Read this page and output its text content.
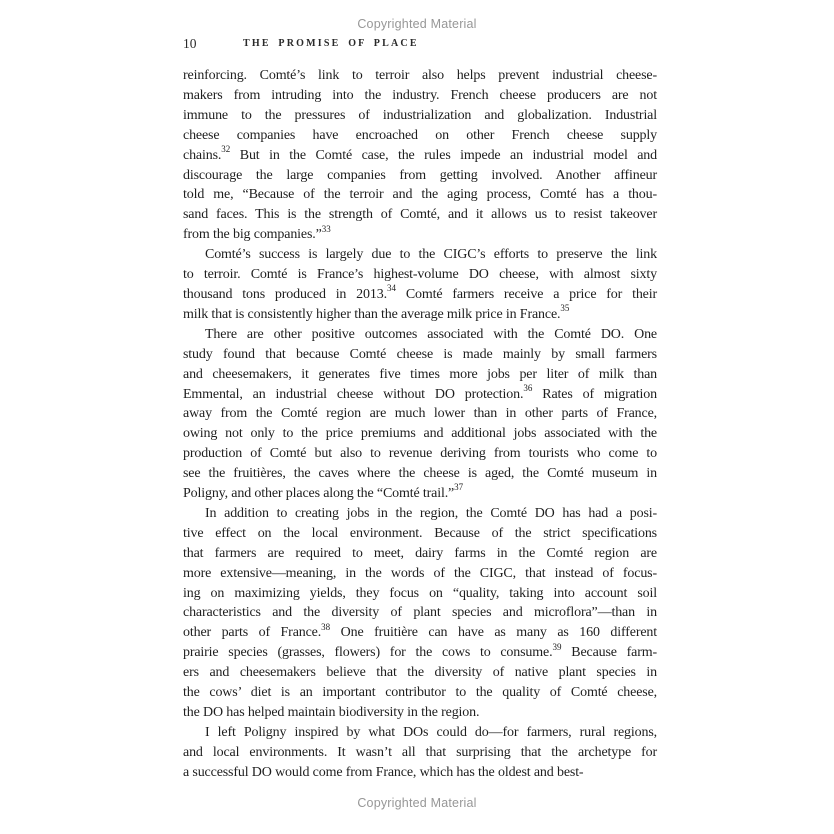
Copyrighted Material
10	THE PROMISE OF PLACE
reinforcing. Comté’s link to terroir also helps prevent industrial cheese-
makers from intruding into the industry. French cheese producers are not
immune to the pressures of industrialization and globalization. Industrial
cheese companies have encroached on other French cheese supply
chains.$^{32}$ But in the Comté case, the rules impede an industrial model and
discourage the large companies from getting involved. Another affineur
told me, “Because of the terroir and the aging process, Comté has a thou-
sand faces. This is the strength of Comté, and it allows us to resist takeover
from the big companies.”$^{33}$
Comté’s success is largely due to the CIGC’s efforts to preserve the link
to terroir. Comté is France’s highest-volume DO cheese, with almost sixty
thousand tons produced in 2013.34 Comté farmers receive a price for their
milk that is consistently higher than the average milk price in France.$^{35}$
There are other positive outcomes associated with the Comté DO. One
study found that because Comté cheese is made mainly by small farmers
and cheesemakers, it generates five times more jobs per liter of milk than
Emmental, an industrial cheese without DO protection.$^{36}$ Rates of migration
away from the Comté region are much lower than in other parts of France,
owing not only to the price premiums and additional jobs associated with the
production of Comté but also to revenue deriving from tourists who come to
see the fruitières, the caves where the cheese is aged, the Comté museum in
Poligny, and other places along the “Comté trail.”$^{37}$
In addition to creating jobs in the region, the Comté DO has had a posi-
tive effect on the local environment. Because of the strict specifications
that farmers are required to meet, dairy farms in the Comté region are
more extensive—meaning, in the words of the CIGC, that instead of focus-
ing on maximizing yields, they focus on “quality, taking into account soil
characteristics and the diversity of plant species and microflora”—than in
other parts of France.$^{38}$ One fruitière can have as many as 160 different
prairie species (grasses, flowers) for the cows to consume.$^{39}$ Because farm-
ers and cheesemakers believe that the diversity of native plant species in
the cows’ diet is an important contributor to the quality of Comté cheese,
the DO has helped maintain biodiversity in the region.
I left Poligny inspired by what DOs could do—for farmers, rural regions,
and local environments. It wasn’t all that surprising that the archetype for
a successful DO would come from France, which has the oldest and best-
Copyrighted Material
